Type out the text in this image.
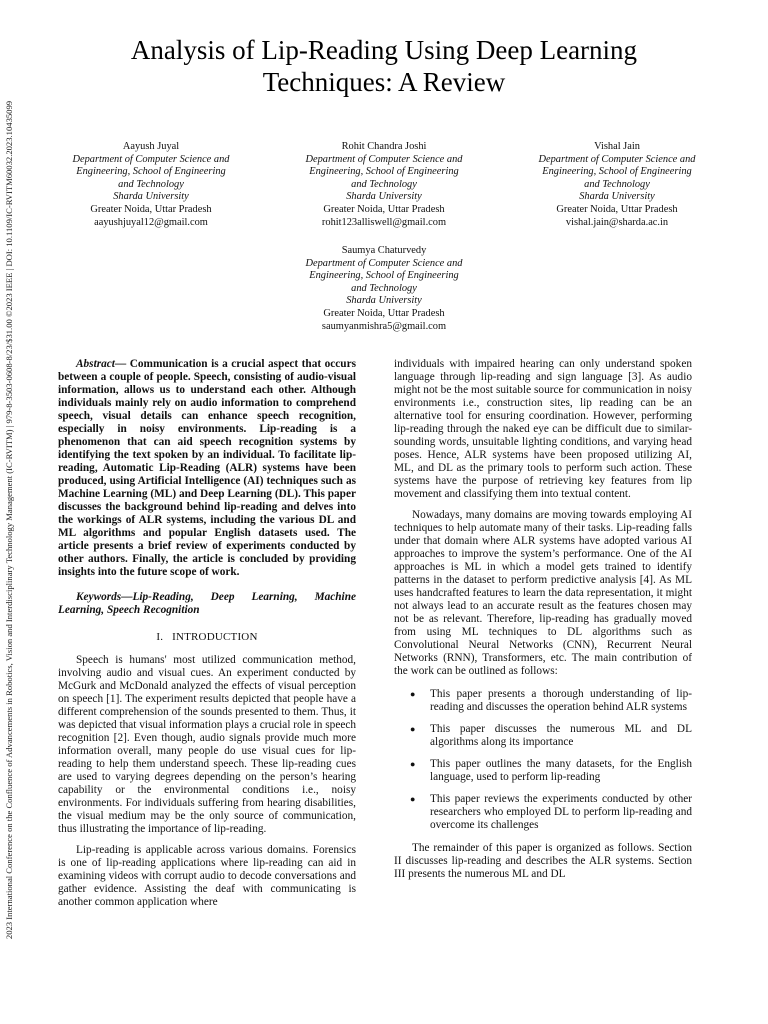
2023 International Conference on the Confluence of Advancements in Robotics, Vision and Interdisciplinary Technology Management (IC-RVITM) | 979-8-3503-0608-8/23/$31.00 ©2023 IEEE | DOI: 10.1109/IC-RVITM60032.2023.10435099
Analysis of Lip-Reading Using Deep Learning
Techniques: A Review
Aayush Juyal
Department of Computer Science and
Engineering, School of Engineering
and Technology
Sharda University
Greater Noida, Uttar Pradesh
aayushjuyal12@gmail.com
Rohit Chandra Joshi
Department of Computer Science and
Engineering, School of Engineering
and Technology
Sharda University
Greater Noida, Uttar Pradesh
rohit123alliswell@gmail.com
Vishal Jain
Department of Computer Science and
Engineering, School of Engineering
and Technology
Sharda University
Greater Noida, Uttar Pradesh
vishal.jain@sharda.ac.in
Saumya Chaturvedy
Department of Computer Science and
Engineering, School of Engineering
and Technology
Sharda University
Greater Noida, Uttar Pradesh
saumyanmishra5@gmail.com

Abstract— Communication is a crucial aspect that occurs between a couple of people. Speech, consisting of audio-visual information, allows us to understand each other. Although individuals mainly rely on audio information to comprehend speech, visual details can enhance speech recognition, especially in noisy environments. Lip-reading is a phenomenon that can aid speech recognition systems by identifying the text spoken by an individual. To facilitate lip-reading, Automatic Lip-Reading (ALR) systems have been produced, using Artificial Intelligence (AI) techniques such as Machine Learning (ML) and Deep Learning (DL). This paper discusses the background behind lip-reading and delves into the workings of ALR systems, including the various DL and ML algorithms and popular English datasets used. The article presents a brief review of experiments conducted by other authors. Finally, the article is concluded by providing insights into the future scope of work.

Keywords—Lip-Reading, Deep Learning, Machine Learning, Speech Recognition

I. INTRODUCTION

Speech is humans' most utilized communication method, involving audio and visual cues. An experiment conducted by McGurk and McDonald analyzed the effects of visual perception on speech [1]. The experiment results depicted that people have a different comprehension of the sounds presented to them. Thus, it was depicted that visual information plays a crucial role in speech recognition [2]. Even though, audio signals provide much more information overall, many people do use visual cues for lip-reading to help them understand speech. These lip-reading cues are used to varying degrees depending on the person’s hearing capability or the environmental conditions i.e., noisy environments. For individuals suffering from hearing disabilities, the visual medium may be the only source of communication, thus illustrating the importance of lip-reading.

Lip-reading is applicable across various domains. Forensics is one of lip-reading applications where lip-reading can aid in examining videos with corrupt audio to decode conversations and gather evidence. Assisting the deaf with communicating is another common application where

individuals with impaired hearing can only understand spoken language through lip-reading and sign language [3]. As audio might not be the most suitable source for communication in noisy environments i.e., construction sites, lip reading can be an alternative tool for ensuring coordination. However, performing lip-reading through the naked eye can be difficult due to similar-sounding words, unsuitable lighting conditions, and varying head poses. Hence, ALR systems have been proposed utilizing AI, ML, and DL as the primary tools to perform such action. These systems have the purpose of retrieving key features from lip movement and classifying them into textual content.

Nowadays, many domains are moving towards employing AI techniques to help automate many of their tasks. Lip-reading falls under that domain where ALR systems have adopted various AI approaches to improve the system’s performance. One of the AI approaches is ML in which a model gets trained to identify patterns in the dataset to perform predictive analysis [4]. As ML uses handcrafted features to learn the data representation, it might not always lead to an accurate result as the features chosen may not be as relevant. Therefore, lip-reading has gradually moved from using ML techniques to DL algorithms such as Convolutional Neural Networks (CNN), Recurrent Neural Networks (RNN), Transformers, etc. The main contribution of the work can be outlined as follows:

● This paper presents a thorough understanding of lip-reading and discusses the operation behind ALR systems
● This paper discusses the numerous ML and DL algorithms along its importance
● This paper outlines the many datasets, for the English language, used to perform lip-reading
● This paper reviews the experiments conducted by other researchers who employed DL to perform lip-reading and overcome its challenges

The remainder of this paper is organized as follows. Section II discusses lip-reading and describes the ALR systems. Section III presents the numerous ML and DL
